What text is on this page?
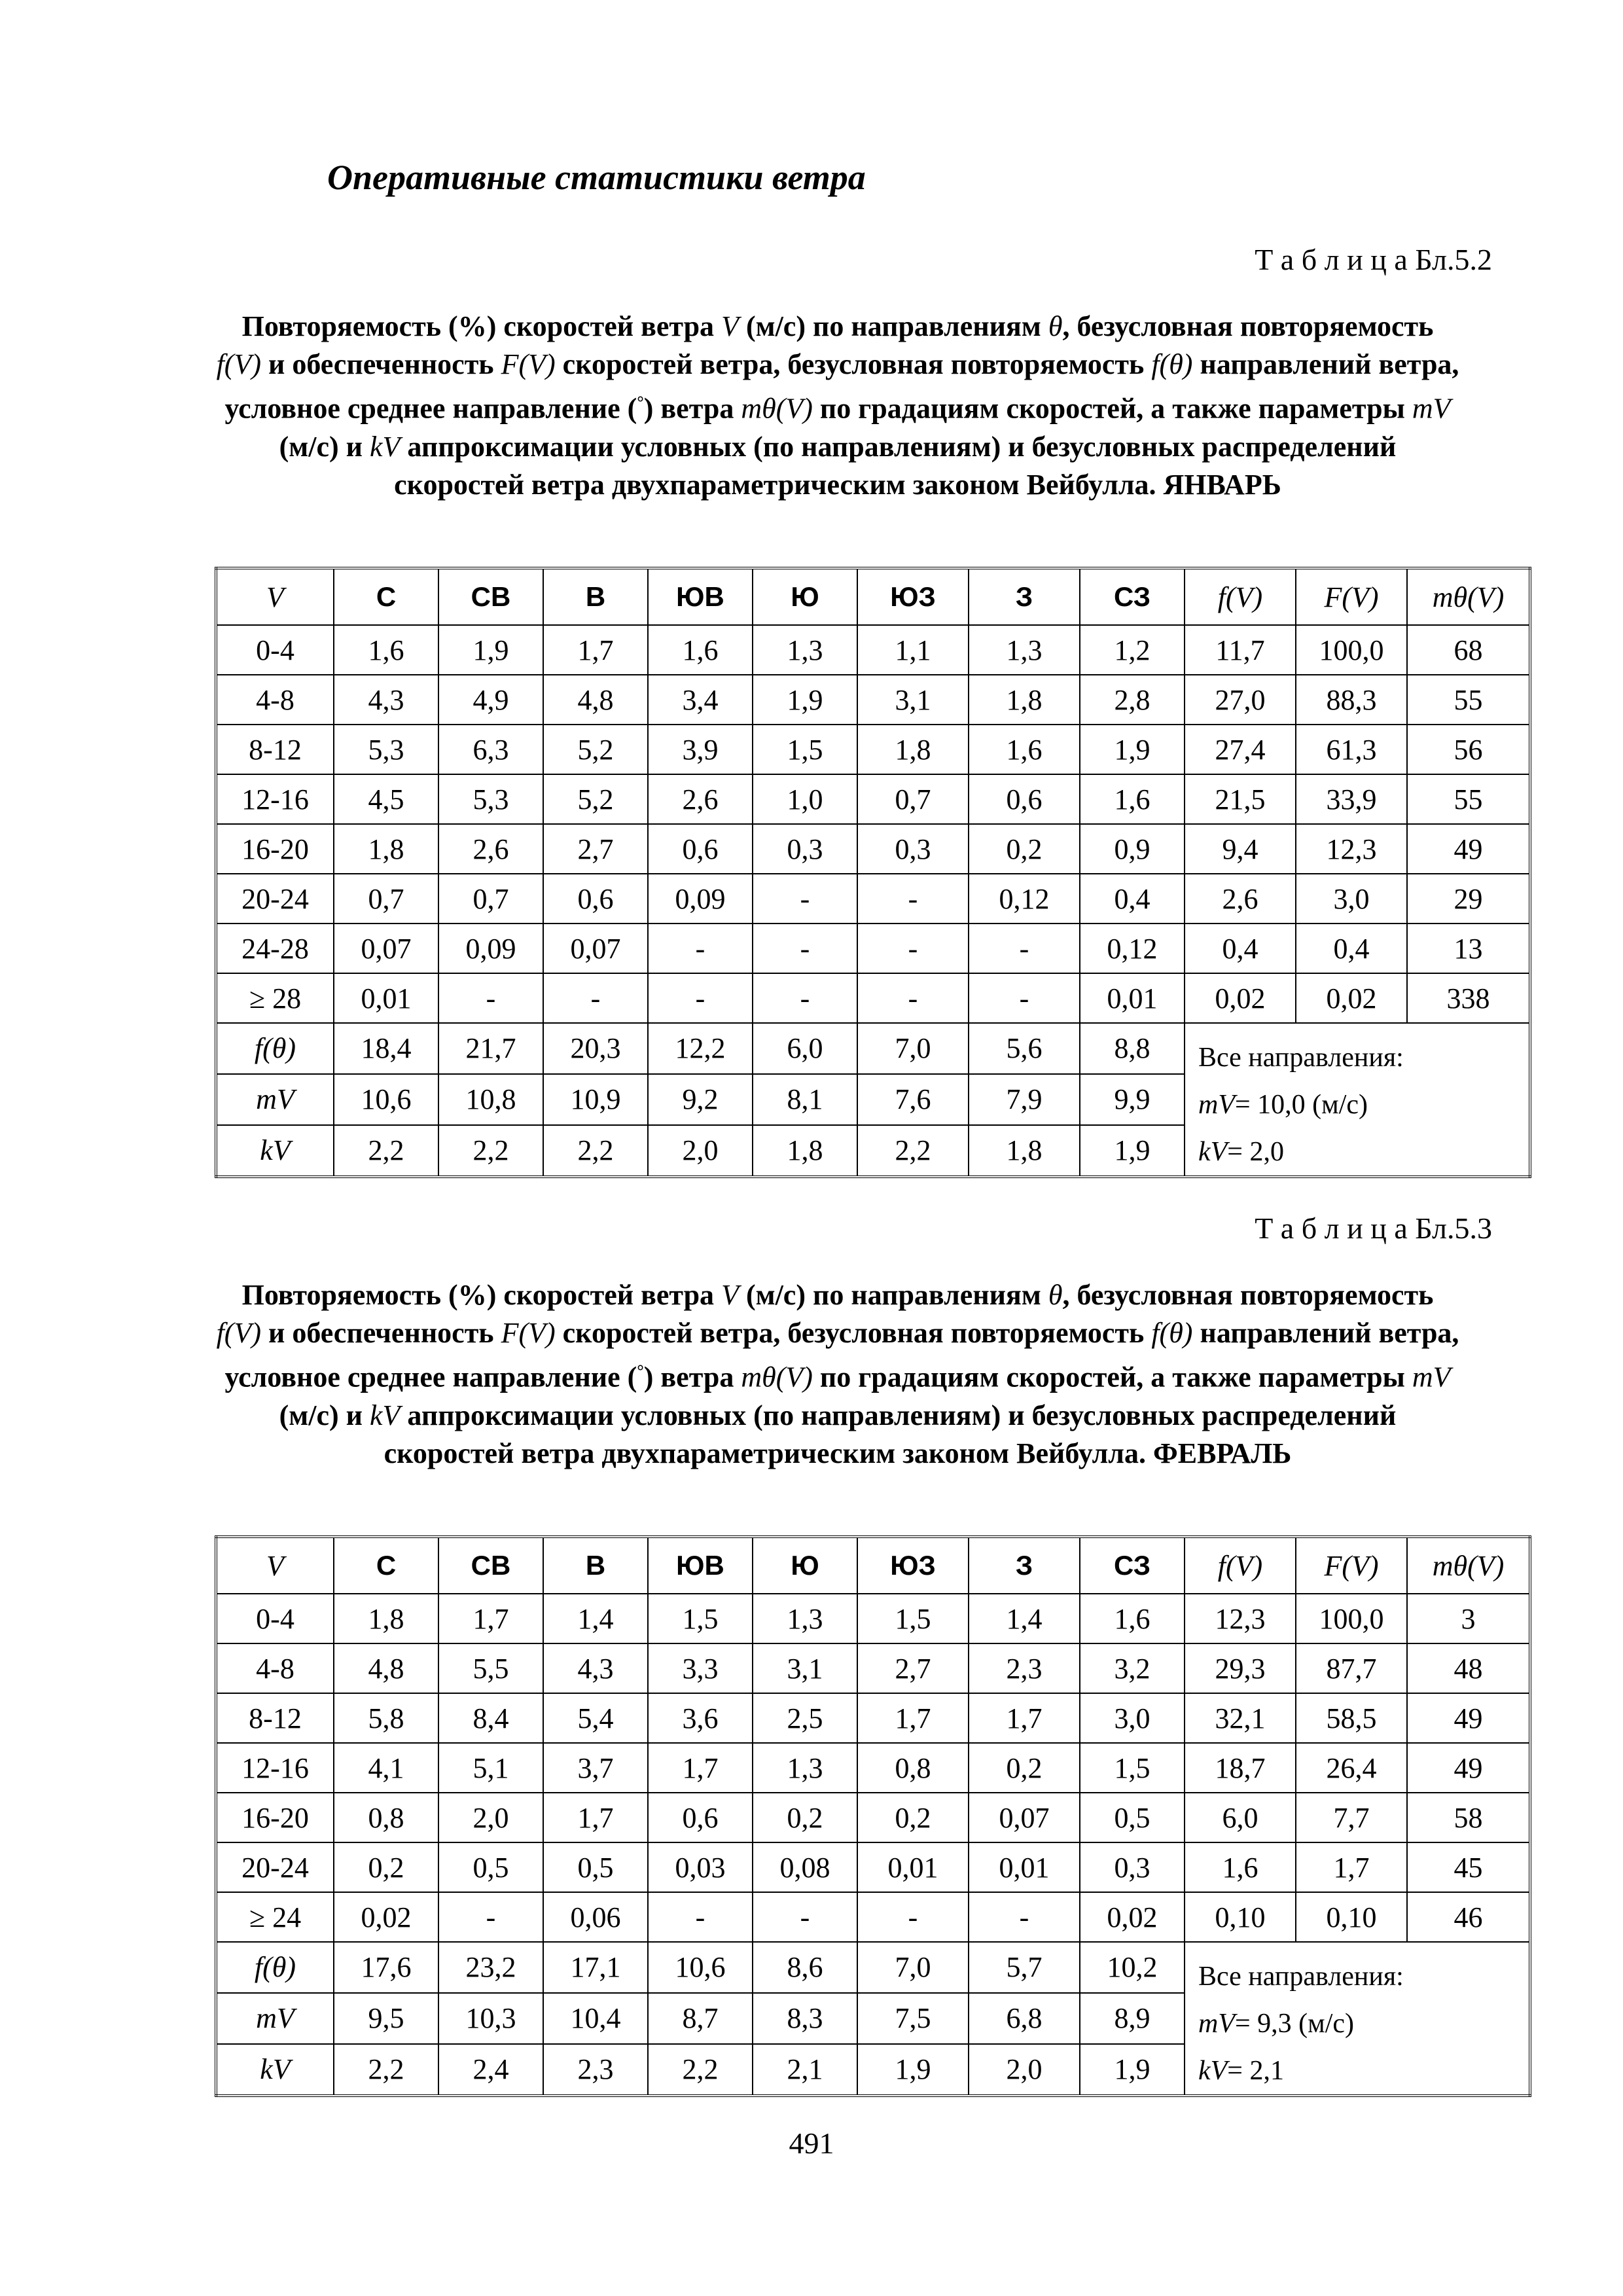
Оперативные статистики ветра
Т а б л и ц а Бл.5.2
Повторяемость (%) скоростей ветра V (м/с) по направлениям θ, безусловная повторяемость f(V) и обеспеченность F(V) скоростей ветра, безусловная повторяемость f(θ) направлений ветра, условное среднее направление (°) ветра mθ(V) по градациям скоростей, а также параметры mV (м/с) и kV аппроксимации условных (по направлениям) и безусловных распределений скоростей ветра двухпараметрическим законом Вейбулла. ЯНВАРЬ
V	С	СВ	В	ЮВ	Ю	ЮЗ	З	СЗ	f(V)	F(V)	mθ(V)
0-4	1,6	1,9	1,7	1,6	1,3	1,1	1,3	1,2	11,7	100,0	68
4-8	4,3	4,9	4,8	3,4	1,9	3,1	1,8	2,8	27,0	88,3	55
8-12	5,3	6,3	5,2	3,9	1,5	1,8	1,6	1,9	27,4	61,3	56
12-16	4,5	5,3	5,2	2,6	1,0	0,7	0,6	1,6	21,5	33,9	55
16-20	1,8	2,6	2,7	0,6	0,3	0,3	0,2	0,9	9,4	12,3	49
20-24	0,7	0,7	0,6	0,09	-	-	0,12	0,4	2,6	3,0	29
24-28	0,07	0,09	0,07	-	-	-	-	0,12	0,4	0,4	13
≥ 28	0,01	-	-	-	-	-	-	0,01	0,02	0,02	338
f(θ)	18,4	21,7	20,3	12,2	6,0	7,0	5,6	8,8	Все направления:
mV= 10,0 (м/с)
kV= 2,0		

mV	10,6	10,8	10,9	9,2	8,1	7,6	7,9	9,9			
kV	2,2	2,2	2,2	2,0	1,8	2,2	1,8	1,9			
Т а б л и ц а Бл.5.3
Повторяемость (%) скоростей ветра V (м/с) по направлениям θ, безусловная повторяемость f(V) и обеспеченность F(V) скоростей ветра, безусловная повторяемость f(θ) направлений ветра, условное среднее направление (°) ветра mθ(V) по градациям скоростей, а также параметры mV (м/с) и kV аппроксимации условных (по направлениям) и безусловных распределений скоростей ветра двухпараметрическим законом Вейбулла. ФЕВРАЛЬ
V	С	СВ	В	ЮВ	Ю	ЮЗ	З	СЗ	f(V)	F(V)	mθ(V)
0-4	1,8	1,7	1,4	1,5	1,3	1,5	1,4	1,6	12,3	100,0	3
4-8	4,8	5,5	4,3	3,3	3,1	2,7	2,3	3,2	29,3	87,7	48
8-12	5,8	8,4	5,4	3,6	2,5	1,7	1,7	3,0	32,1	58,5	49
12-16	4,1	5,1	3,7	1,7	1,3	0,8	0,2	1,5	18,7	26,4	49
16-20	0,8	2,0	1,7	0,6	0,2	0,2	0,07	0,5	6,0	7,7	58
20-24	0,2	0,5	0,5	0,03	0,08	0,01	0,01	0,3	1,6	1,7	45
≥ 24	0,02	-	0,06	-	-	-	-	0,02	0,10	0,10	46
f(θ)	17,6	23,2	17,1	10,6	8,6	7,0	5,7	10,2	Все направления:
mV= 9,3 (м/с)
kV= 2,1		

mV	9,5	10,3	10,4	8,7	8,3	7,5	6,8	8,9			
kV	2,2	2,4	2,3	2,2	2,1	1,9	2,0	1,9			
491
